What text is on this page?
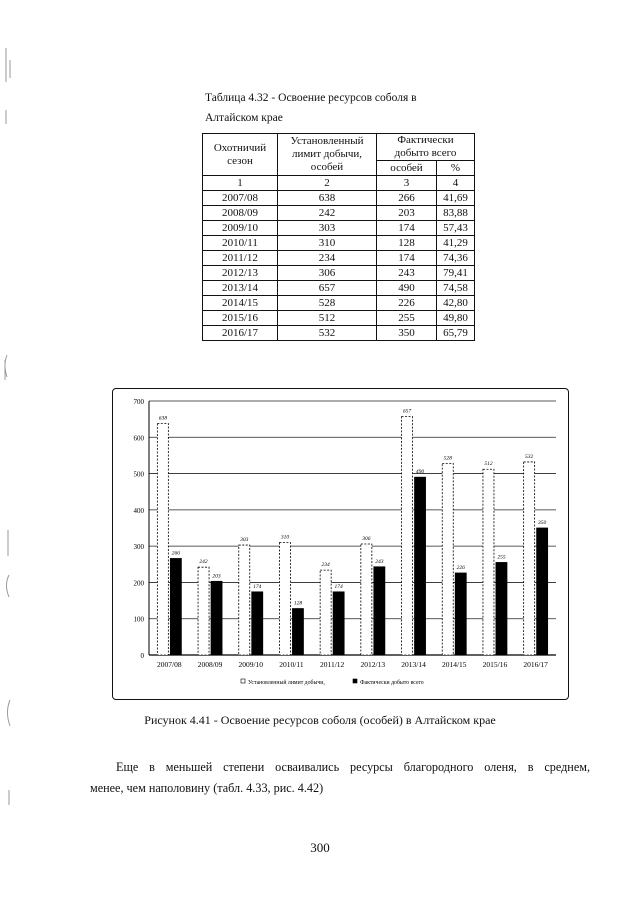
Таблица 4.32 - Освоение ресурсов соболя в
Алтайском крае
Охотничий сезон	Установленный лимит добычи, особей	Фактически добыто всего	
		особей	%
1	2	3	4
2007/08	638	266	41,69
2008/09	242	203	83,88
2009/10	303	174	57,43
2010/11	310	128	41,29
2011/12	234	174	74,36
2012/13	306	243	79,41
2013/14	657	490	74,58
2014/15	528	226	42,80
2015/16	512	255	49,80
2016/17	532	350	65,79
0
100
200
300
400
500
600
700
638
266
2007/08
242
203
2008/09
303
174
2009/10
310
128
2010/11
234
174
2011/12
306
243
2012/13
657
490
2013/14
528
226
2014/15
512
255
2015/16
532
350
2016/17
Установленный лимит добычи,	Фактически добыто всего
Рисунок 4.41 - Освоение ресурсов соболя (особей) в Алтайском крае
Еще в меньшей степени осваивались ресурсы благородного оленя, в среднем,
менее, чем наполовину (табл. 4.33, рис. 4.42)
300
